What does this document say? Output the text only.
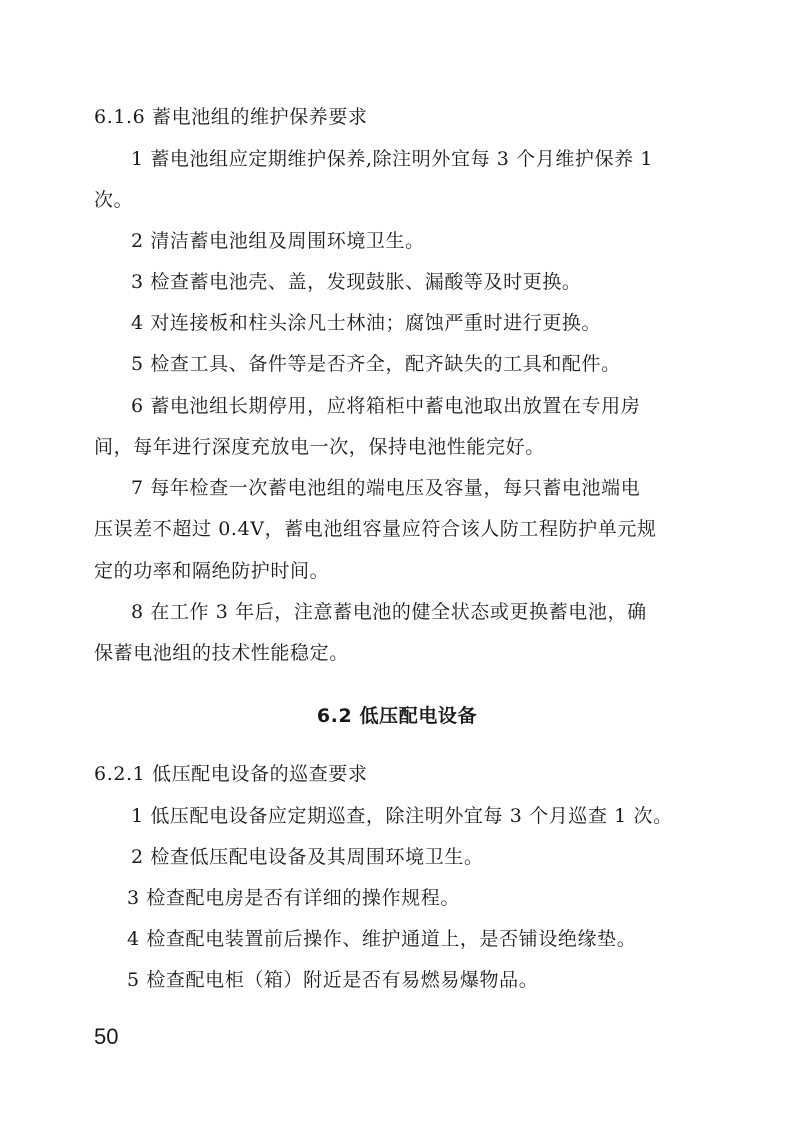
6.1.6 蓄电池组的维护保养要求
1 蓄电池组应定期维护保养,除注明外宜每 3 个月维护保养 1
次。
2 清洁蓄电池组及周围环境卫生。
3 检查蓄电池壳、盖，发现鼓胀、漏酸等及时更换。
4 对连接板和柱头涂凡士林油；腐蚀严重时进行更换。
5 检查工具、备件等是否齐全，配齐缺失的工具和配件。
6 蓄电池组长期停用，应将箱柜中蓄电池取出放置在专用房
间，每年进行深度充放电一次，保持电池性能完好。
7 每年检查一次蓄电池组的端电压及容量，每只蓄电池端电
压误差不超过 0.4V，蓄电池组容量应符合该人防工程防护单元规
定的功率和隔绝防护时间。
8 在工作 3 年后，注意蓄电池的健全状态或更换蓄电池，确
保蓄电池组的技术性能稳定。
6.2 低压配电设备
6.2.1 低压配电设备的巡查要求
1 低压配电设备应定期巡查，除注明外宜每 3 个月巡查 1 次。
2 检查低压配电设备及其周围环境卫生。
3 检查配电房是否有详细的操作规程。
4 检查配电装置前后操作、维护通道上，是否铺设绝缘垫。
5 检查配电柜（箱）附近是否有易燃易爆物品。
50
